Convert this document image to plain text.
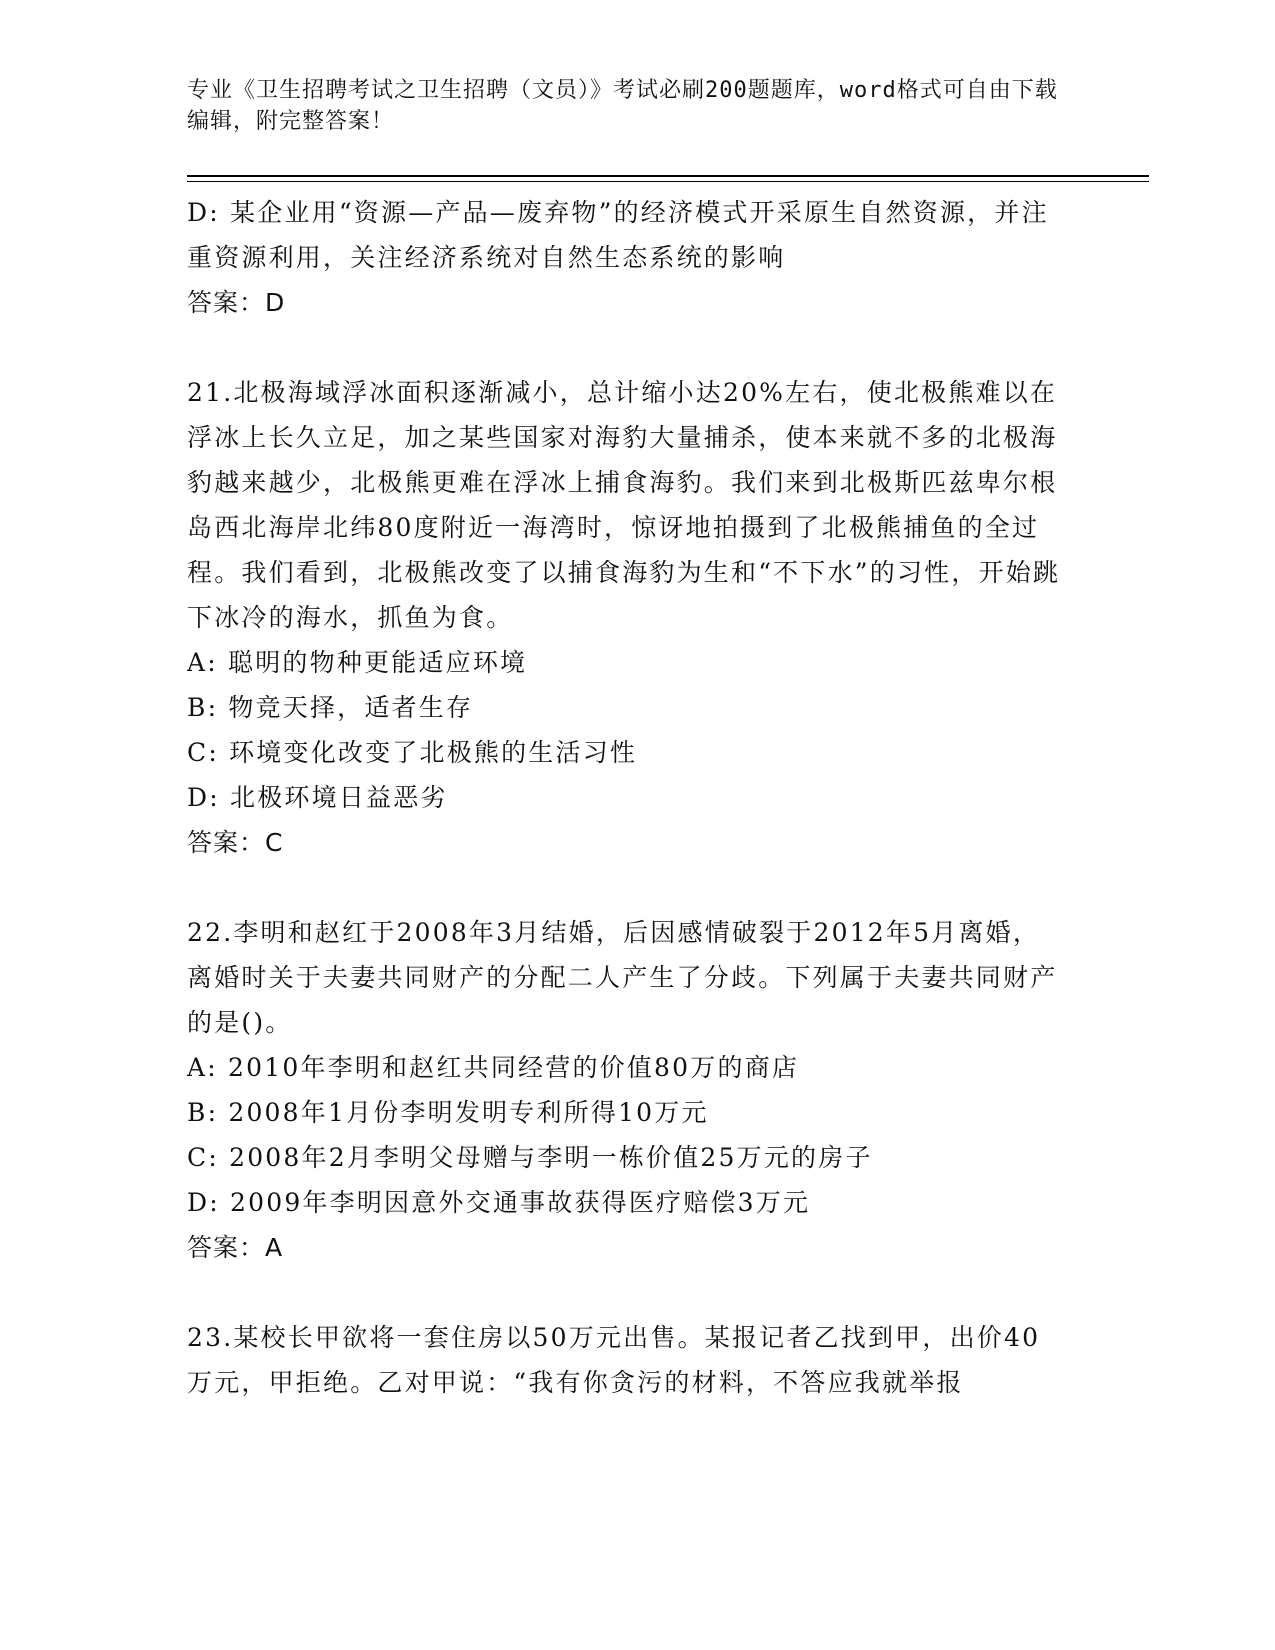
专业《卫生招聘考试之卫生招聘（文员）》考试必刷200题题库，word格式可自由下载编辑，附完整答案！

D: 某企业用“资源—产品—废弃物”的经济模式开采原生自然资源，并注重资源利用，关注经济系统对自然生态系统的影响

答案：D

21.北极海域浮冰面积逐渐减小，总计缩小达20%左右，使北极熊难以在浮冰上长久立足，加之某些国家对海豹大量捕杀，使本来就不多的北极海豹越来越少，北极熊更难在浮冰上捕食海豹。我们来到北极斯匹兹卑尔根岛西北海岸北纬80度附近一海湾时，惊讶地拍摄到了北极熊捕鱼的全过程。我们看到，北极熊改变了以捕食海豹为生和“不下水”的习性，开始跳下冰冷的海水，抓鱼为食。

A: 聪明的物种更能适应环境

B: 物竞天择，适者生存

C: 环境变化改变了北极熊的生活习性

D: 北极环境日益恶劣

答案：C

22.李明和赵红于2008年3月结婚，后因感情破裂于2012年5月离婚，离婚时关于夫妻共同财产的分配二人产生了分歧。下列属于夫妻共同财产的是()。

A: 2010年李明和赵红共同经营的价值80万的商店

B: 2008年1月份李明发明专利所得10万元

C: 2008年2月李明父母赠与李明一栋价值25万元的房子

D: 2009年李明因意外交通事故获得医疗赔偿3万元

答案：A

23.某校长甲欲将一套住房以50万元出售。某报记者乙找到甲，出价40万元，甲拒绝。乙对甲说：“我有你贪污的材料，不答应我就举报
